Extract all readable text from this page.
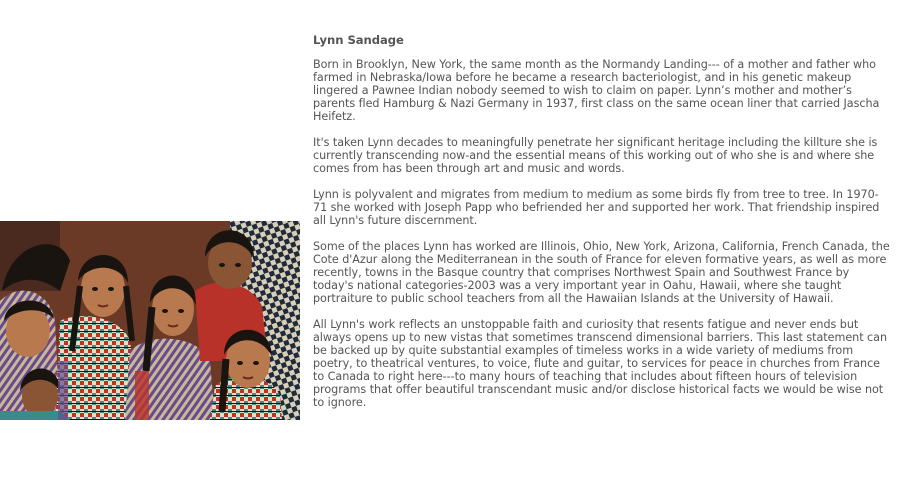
Lynn Sandage

Born in Brooklyn, New York, the same month as the Normandy Landing--- of a mother and father who farmed in Nebraska/Iowa before he became a research bacteriologist, and in his genetic makeup lingered a Pawnee Indian nobody seemed to wish to claim on paper. Lynn’s mother and mother’s parents fled Hamburg & Nazi Germany in 1937, first class on the same ocean liner that carried Jascha Heifetz.

It's taken Lynn decades to meaningfully penetrate her significant heritage including the killture she is currently transcending now-and the essential means of this working out of who she is and where she comes from has been through art and music and words.

Lynn is polyvalent and migrates from medium to medium as some birds fly from tree to tree. In 1970-71 she worked with Joseph Papp who befriended her and supported her work. That friendship inspired all Lynn's future discernment.

Some of the places Lynn has worked are Illinois, Ohio, New York, Arizona, California, French Canada, the Cote d'Azur along the Mediterranean in the south of France for eleven formative years, as well as more recently, towns in the Basque country that comprises Northwest Spain and Southwest France by today's national categories-2003 was a very important year in Oahu, Hawaii, where she taught portraiture to public school teachers from all the Hawaiian Islands at the University of Hawaii.

All Lynn's work reflects an unstoppable faith and curiosity that resents fatigue and never ends but always opens up to new vistas that sometimes transcend dimensional barriers. This last statement can be backed up by quite substantial examples of timeless works in a wide variety of mediums from poetry, to theatrical ventures, to voice, flute and guitar, to services for peace in churches from France to Canada to right here---to many hours of teaching that includes about fifteen hours of television programs that offer beautiful transcendant music and/or disclose historical facts we would be wise not to ignore.
